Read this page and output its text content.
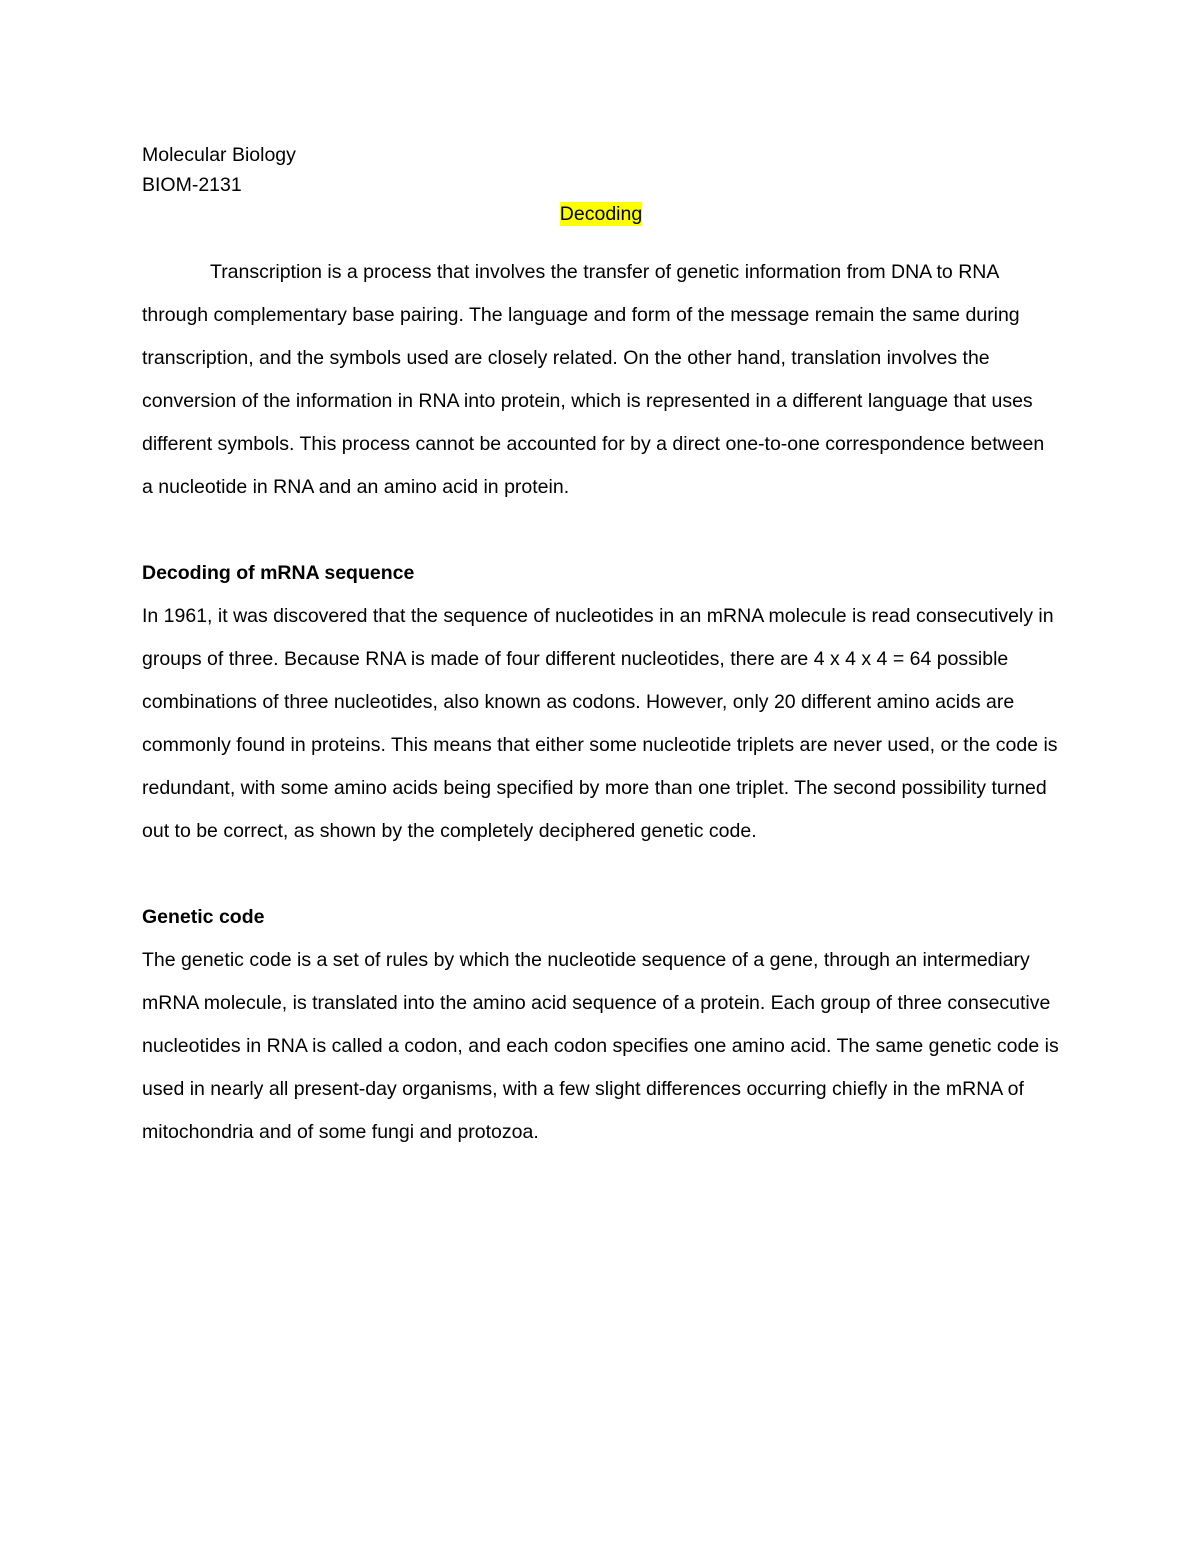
Molecular Biology

BIOM-2131

Decoding

Transcription is a process that involves the transfer of genetic information from DNA to RNA through complementary base pairing. The language and form of the message remain the same during transcription, and the symbols used are closely related. On the other hand, translation involves the conversion of the information in RNA into protein, which is represented in a different language that uses different symbols. This process cannot be accounted for by a direct one-to-one correspondence between a nucleotide in RNA and an amino acid in protein.

Decoding of mRNA sequence

In 1961, it was discovered that the sequence of nucleotides in an mRNA molecule is read consecutively in groups of three. Because RNA is made of four different nucleotides, there are 4 x 4 x 4 = 64 possible combinations of three nucleotides, also known as codons. However, only 20 different amino acids are commonly found in proteins. This means that either some nucleotide triplets are never used, or the code is redundant, with some amino acids being specified by more than one triplet. The second possibility turned out to be correct, as shown by the completely deciphered genetic code.

Genetic code

The genetic code is a set of rules by which the nucleotide sequence of a gene, through an intermediary mRNA molecule, is translated into the amino acid sequence of a protein. Each group of three consecutive nucleotides in RNA is called a codon, and each codon specifies one amino acid. The same genetic code is used in nearly all present-day organisms, with a few slight differences occurring chiefly in the mRNA of mitochondria and of some fungi and protozoa.
